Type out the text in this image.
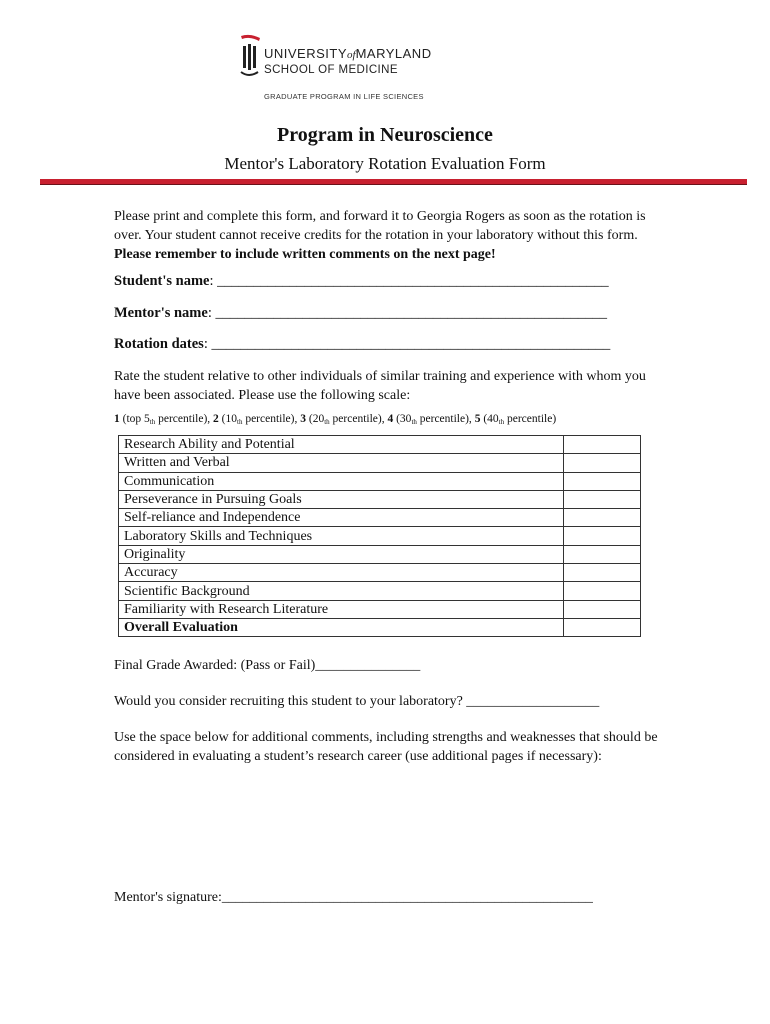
UNIVERSITYofMARYLAND
SCHOOL OF MEDICINE
GRADUATE PROGRAM IN LIFE SCIENCES
Program in Neuroscience
Mentor's Laboratory Rotation Evaluation Form
Please print and complete this form, and forward it to Georgia Rogers as soon as the rotation is over. Your student cannot receive credits for the rotation in your laboratory without this form. Please remember to include written comments on the next page!
Student's name: ______________________________________________________
Mentor's name: ______________________________________________________
Rotation dates: _______________________________________________________
Rate the student relative to other individuals of similar training and experience with whom you have been associated. Please use the following scale:
1 (top $5_{th}$ percentile), 2 ($10_{th}$ percentile), 3 ($20_{th}$ percentile), 4 ($30_{th}$ percentile), 5 ($40_{th}$ percentile)
Research Ability and Potential	
Written and Verbal	
Communication	
Perseverance in Pursuing Goals	
Self-reliance and Independence	
Laboratory Skills and Techniques	
Originality	
Accuracy	
Scientific Background	
Familiarity with Research Literature	
Overall Evaluation	
Final Grade Awarded: (Pass or Fail)_______________
Would you consider recruiting this student to your laboratory? ___________________
Use the space below for additional comments, including strengths and weaknesses that should be considered in evaluating a student’s research career (use additional pages if necessary):
Mentor's signature:_____________________________________________________
